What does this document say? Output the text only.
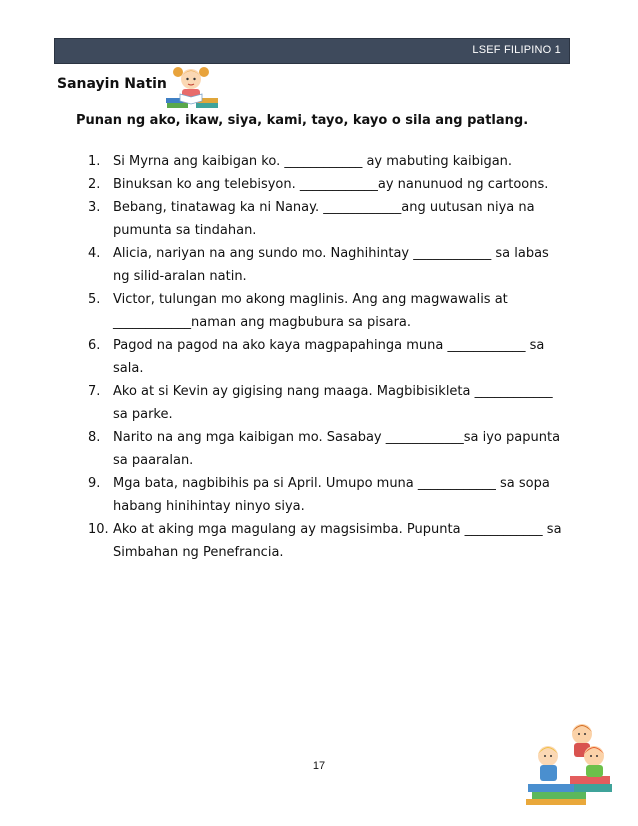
LSEF FILIPINO 1
Sanayin Natin
Punan ng ako, ikaw, siya, kami, tayo, kayo o sila ang patlang.
1. Si Myrna ang kaibigan ko. ____________ ay mabuting kaibigan.
2. Binuksan ko ang telebisyon. ____________ay nanunuod ng cartoons.
3. Bebang, tinatawag ka ni Nanay. ____________ang uutusan niya na pumunta sa tindahan.
4. Alicia, nariyan na ang sundo mo. Naghihintay ____________ sa labas ng silid-aralan natin.
5. Victor, tulungan mo akong maglinis. Ang ang magwawalis at ____________naman ang magbubura sa pisara.
6. Pagod na pagod na ako kaya magpapahinga muna ____________ sa sala.
7. Ako at si Kevin ay gigising nang maaga. Magbibisikleta ____________ sa parke.
8. Narito na ang mga kaibigan mo. Sasabay ____________sa iyo papunta sa paaralan.
9. Mga bata, nagbibihis pa si April. Umupo muna ____________ sa sopa habang hinihintay ninyo siya.
10. Ako at aking mga magulang ay magsisimba. Pupunta ____________ sa Simbahan ng Penefrancia.
17
